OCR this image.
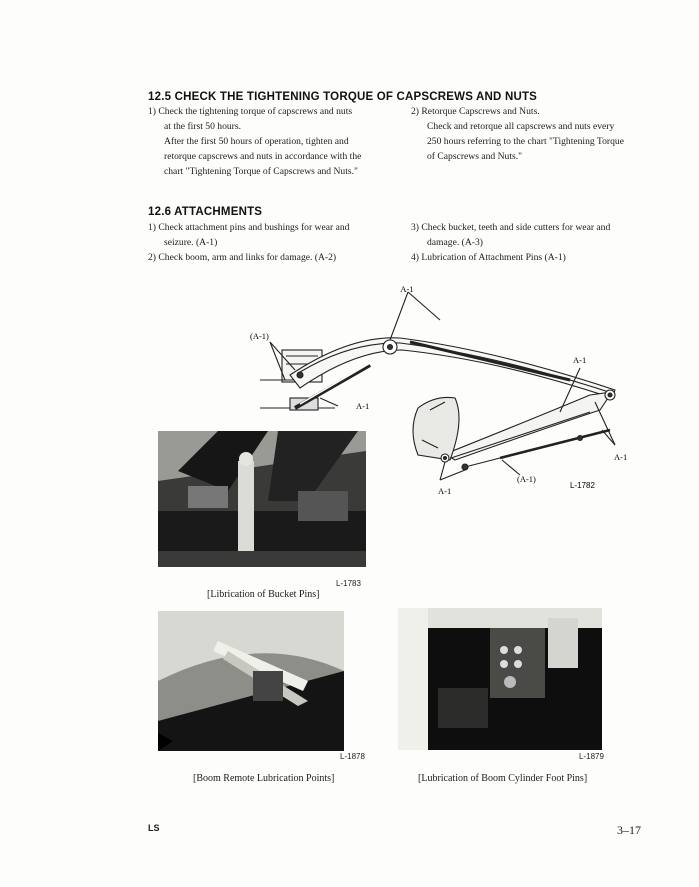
12.5 CHECK THE TIGHTENING TORQUE OF CAPSCREWS AND NUTS
1) Check the tightening torque of capscrews and nuts
at the first 50 hours.
After the first 50 hours of operation, tighten and
retorque capscrews and nuts in accordance with the
chart "Tightening Torque of Capscrews and Nuts."
2) Retorque Capscrews and Nuts.
Check and retorque all capscrews and nuts every
250 hours referring to the chart "Tightening Torque
of Capscrews and Nuts."
12.6 ATTACHMENTS
1) Check attachment pins and bushings for wear and
seizure. (A-1)
2) Check boom, arm and links for damage. (A-2)
3) Check bucket, teeth and side cutters for wear and
damage. (A-3)
4) Lubrication of Attachment Pins (A-1)
A-1
(A-1)
A-1
A-1
A-1
(A-1)
A-1
L-1782
L-1783
[Librication of Bucket Pins]
L-1878
[Boom Remote Lubrication Points]
L-1879
[Lubrication of Boom Cylinder Foot Pins]
LS	3–17
